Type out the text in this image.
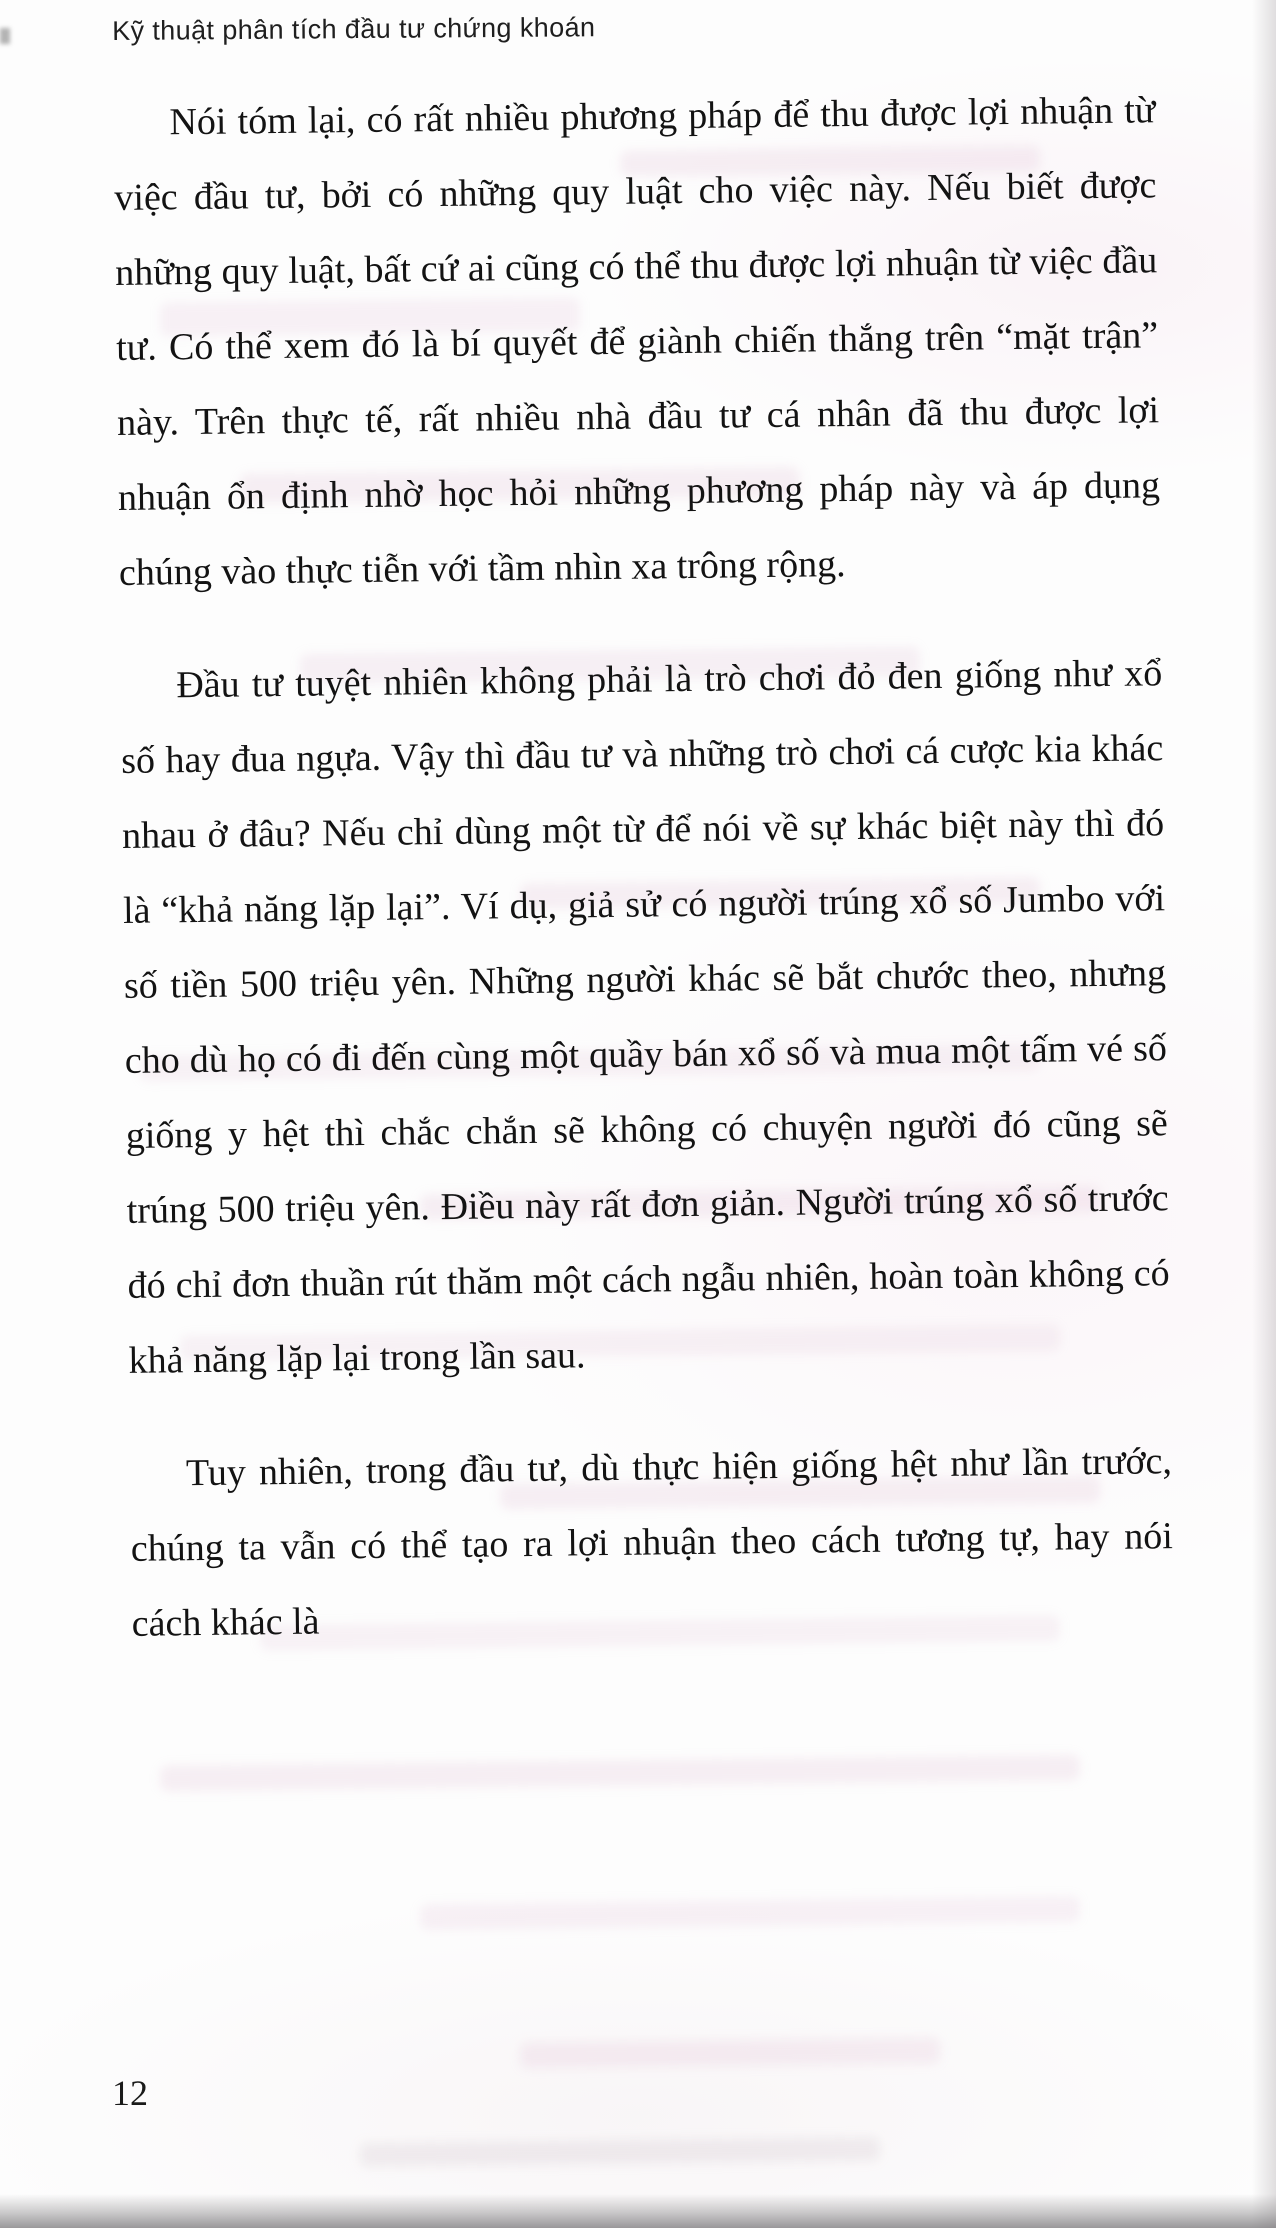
Kỹ thuật phân tích đầu tư chứng khoán

Nói tóm lại, có rất nhiều phương pháp để thu được lợi nhuận từ việc đầu tư, bởi có những quy luật cho việc này. Nếu biết được những quy luật, bất cứ ai cũng có thể thu được lợi nhuận từ việc đầu tư. Có thể xem đó là bí quyết để giành chiến thắng trên “mặt trận” này. Trên thực tế, rất nhiều nhà đầu tư cá nhân đã thu được lợi nhuận ổn định nhờ học hỏi những phương pháp này và áp dụng chúng vào thực tiễn với tầm nhìn xa trông rộng.

Đầu tư tuyệt nhiên không phải là trò chơi đỏ đen giống như xổ số hay đua ngựa. Vậy thì đầu tư và những trò chơi cá cược kia khác nhau ở đâu? Nếu chỉ dùng một từ để nói về sự khác biệt này thì đó là “khả năng lặp lại”. Ví dụ, giả sử có người trúng xổ số Jumbo với số tiền 500 triệu yên. Những người khác sẽ bắt chước theo, nhưng cho dù họ có đi đến cùng một quầy bán xổ số và mua một tấm vé số giống y hệt thì chắc chắn sẽ không có chuyện người đó cũng sẽ trúng 500 triệu yên. Điều này rất đơn giản. Người trúng xổ số trước đó chỉ đơn thuần rút thăm một cách ngẫu nhiên, hoàn toàn không có khả năng lặp lại trong lần sau.

Tuy nhiên, trong đầu tư, dù thực hiện giống hệt như lần trước, chúng ta vẫn có thể tạo ra lợi nhuận theo cách tương tự, hay nói cách khác là

12
